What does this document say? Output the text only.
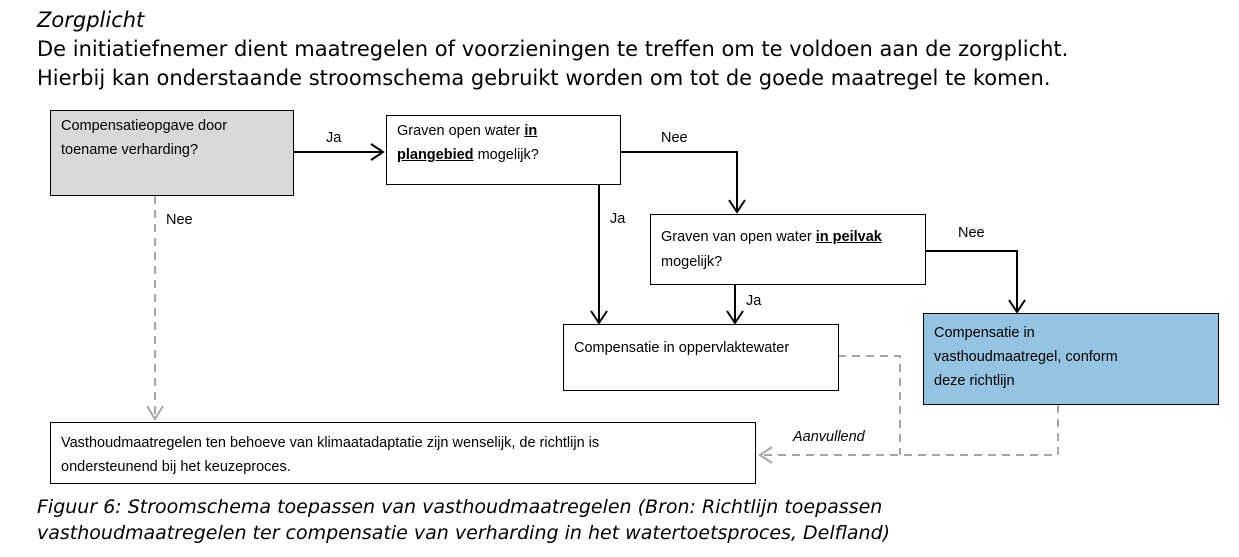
Zorgplicht
De initiatiefnemer dient maatregelen of voorzieningen te treffen om te voldoen aan de zorgplicht.
Hierbij kan onderstaande stroomschema gebruikt worden om tot de goede maatregel te komen.
Compensatieopgave door
toename verharding?
Graven open water in
plangebied mogelijk?
Graven van open water in peilvak
mogelijk?
Compensatie in oppervlaktewater
Compensatie in
vasthoudmaatregel, conform
deze richtlijn
Vasthoudmaatregelen ten behoeve van klimaatadaptatie zijn wenselijk, de richtlijn is
ondersteunend bij het keuzeproces.
Ja	Nee
Ja
Nee
Nee
Ja
Aanvullend
Figuur 6: Stroomschema toepassen van vasthoudmaatregelen (Bron: Richtlijn toepassen
vasthoudmaatregelen ter compensatie van verharding in het watertoetsproces, Delfland)
